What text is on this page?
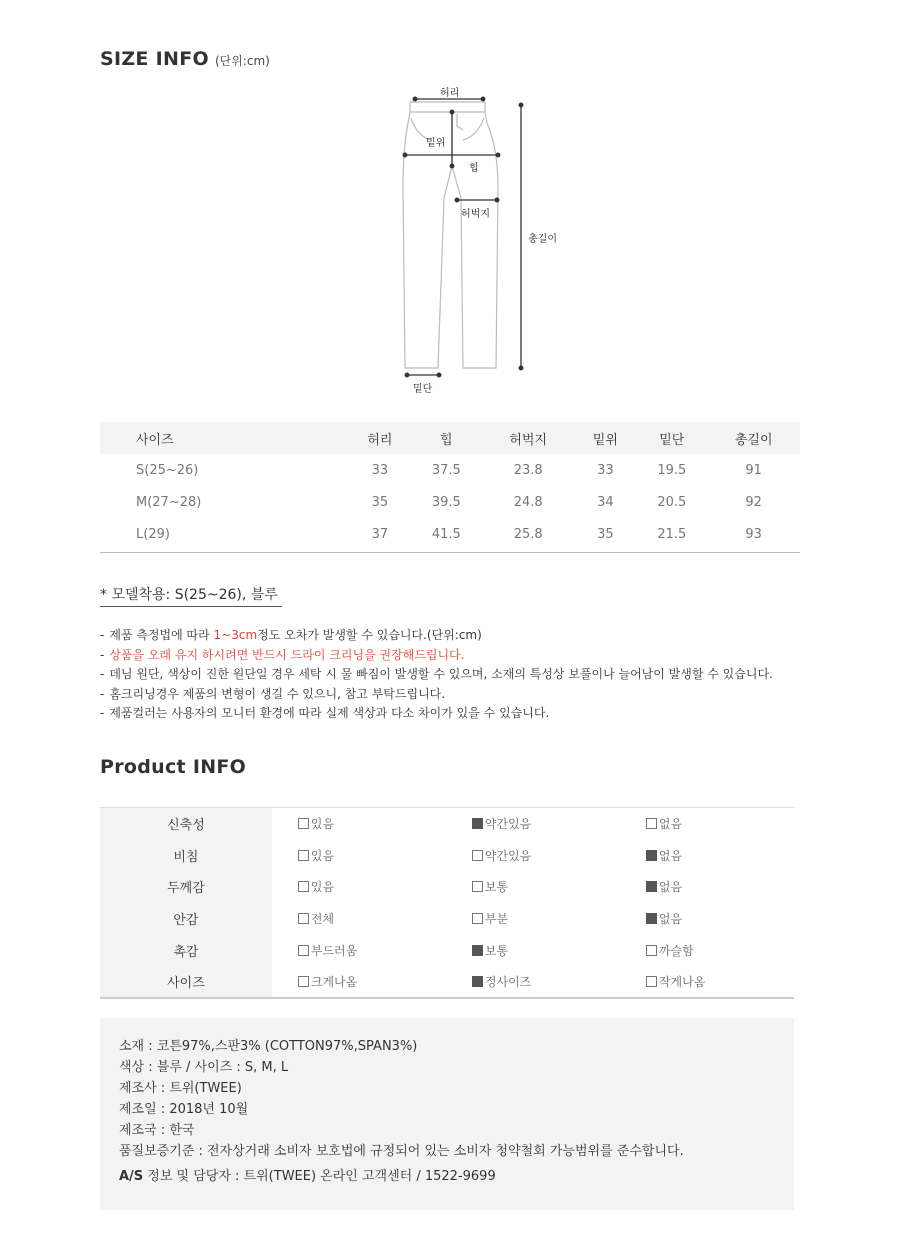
SIZE INFO (단위:cm)
허리
밑위
힙
허벅지
총길이
밑단
사이즈	허리	힙	허벅지	밑위	밑단	총길이
S(25~26)	33	37.5	23.8	33	19.5	91
M(27~28)	35	39.5	24.8	34	20.5	92
L(29)	37	41.5	25.8	35	21.5	93
* 모델착용: S(25~26), 블루
- 제품 측정법에 따라 1~3cm정도 오차가 발생할 수 있습니다.(단위:cm)
- 상품을 오래 유지 하시려면 반드시 드라이 크리닝을 권장해드립니다.
- 데님 원단, 색상이 진한 원단일 경우 세탁 시 물 빠짐이 발생할 수 있으며, 소재의 특성상 보풀이나 늘어남이 발생할 수 있습니다.
- 홈크리닝경우 제품의 변형이 생길 수 있으니, 참고 부탁드립니다.
- 제품컬러는 사용자의 모니터 환경에 따라 실제 색상과 다소 차이가 있을 수 있습니다.
Product INFO
신축성		있음		약간있음		없음
비침		있음		약간있음		없음
두께감		있음		보통		없음
안감		전체		부분		없음
촉감		부드러움		보통		까슬함
사이즈		크게나옴		정사이즈		작게나옴

소재 : 코튼97%,스판3% (COTTON97%,SPAN3%)

색상 : 블루 / 사이즈 : S, M, L

제조사 : 트위(TWEE)

제조일 : 2018년 10월

제조국 : 한국

품질보증기준 : 전자상거래 소비자 보호법에 규정되어 있는 소비자 청약철회 가능범위를 준수합니다.

A/S 정보 및 담당자 : 트위(TWEE) 온라인 고객센터 / 1522-9699
